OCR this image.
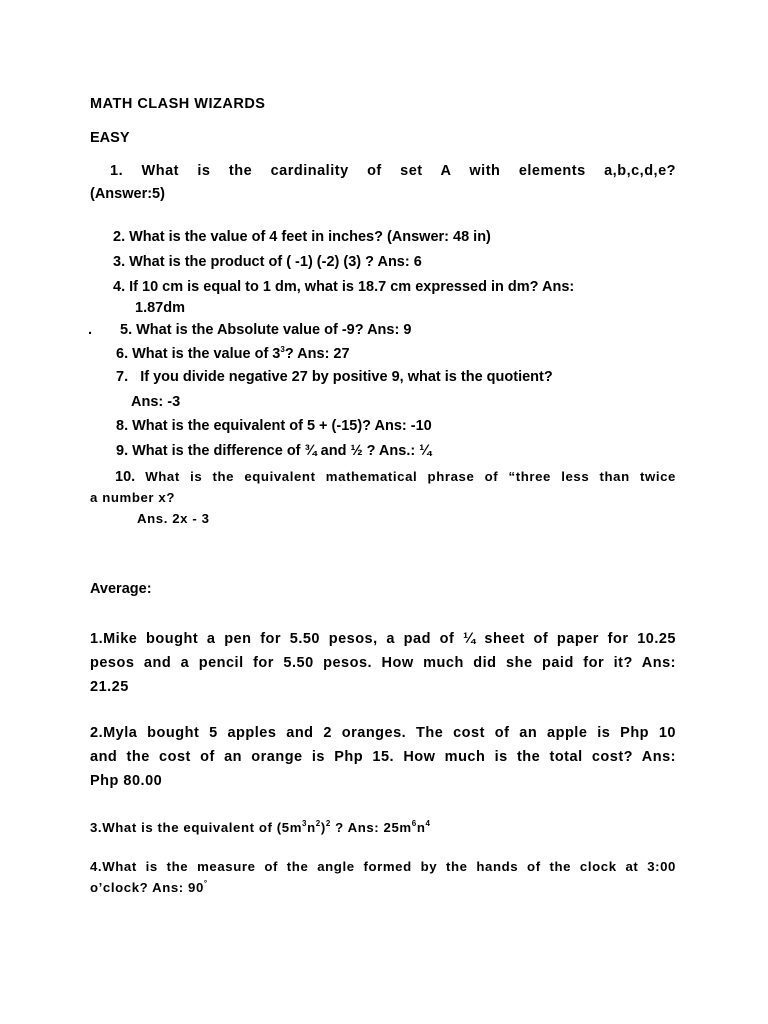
MATH CLASH WIZARDS
EASY
1. What is the cardinality of set A with elements a,b,c,d,e?
(Answer:5)
2. What is the value of 4 feet in inches? (Answer: 48 in)
3. What is the product of ( -1) (-2) (3) ? Ans: 6
4. If 10 cm is equal to 1 dm, what is 18.7 cm expressed in dm? Ans:
1.87dm
. 5. What is the Absolute value of -9? Ans: 9
6. What is the value of $3^3$? Ans: 27
7. If you divide negative 27 by positive 9, what is the quotient?
Ans: -3
8. What is the equivalent of 5 + (-15)? Ans: -10
9. What is the difference of ¾ and ½ ? Ans.: ¼
10. What is the equivalent mathematical phrase of “three less than twice
a number x?
Ans. 2x - 3
Average:
1.Mike bought a pen for 5.50 pesos, a pad of ¼ sheet of paper for 10.25
pesos and a pencil for 5.50 pesos. How much did she paid for it? Ans:
21.25
2.Myla bought 5 apples and 2 oranges. The cost of an apple is Php 10
and the cost of an orange is Php 15. How much is the total cost? Ans:
Php 80.00
3.What is the equivalent of $(5m^3n^2)^2$ ? Ans: $25m^6n^4$
4.What is the measure of the angle formed by the hands of the clock at 3:00
o’clock? Ans: 90°
